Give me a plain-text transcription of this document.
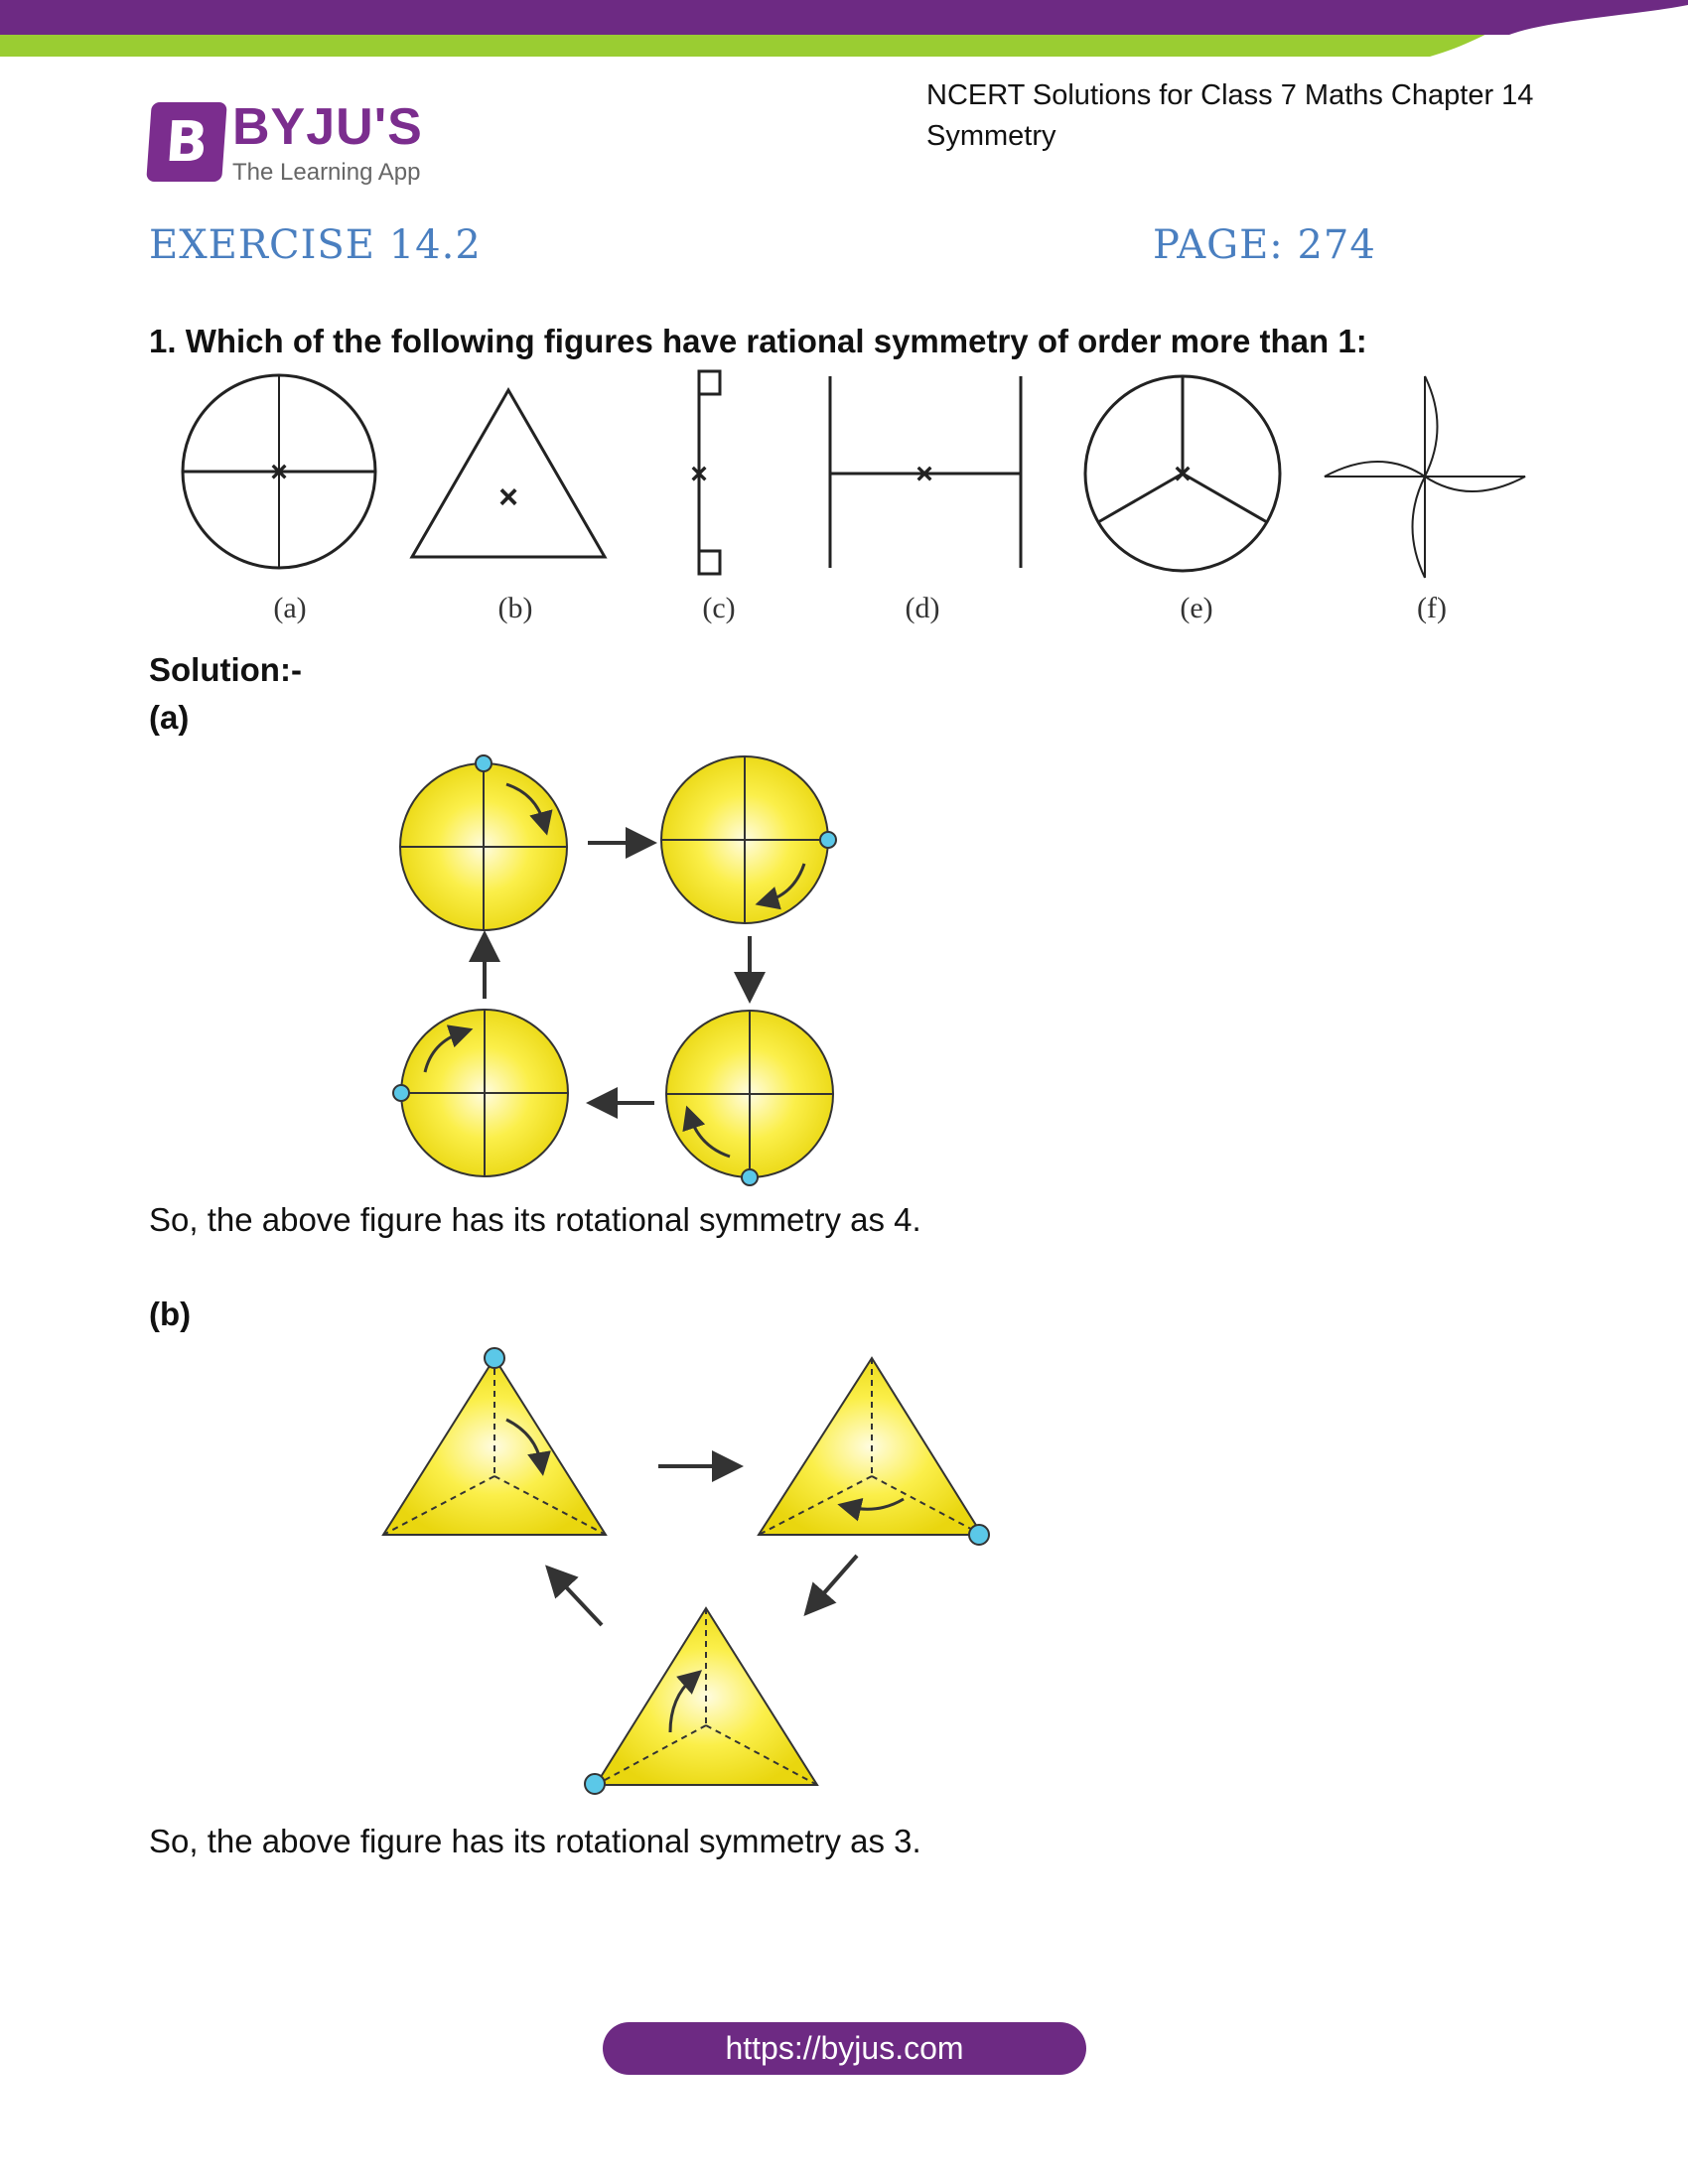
B BYJU'S
The Learning App
NCERT Solutions for Class 7 Maths Chapter 14
Symmetry
EXERCISE 14.2	PAGE: 274
1. Which of the following figures have rational symmetry of order more than 1:
×
×
×	×	×
(a)	(b)	(c)	(d)	(e)	(f)
Solution:-
(a)
So, the above figure has its rotational symmetry as 4.
(b)
So, the above figure has its rotational symmetry as 3.
https://byjus.com
